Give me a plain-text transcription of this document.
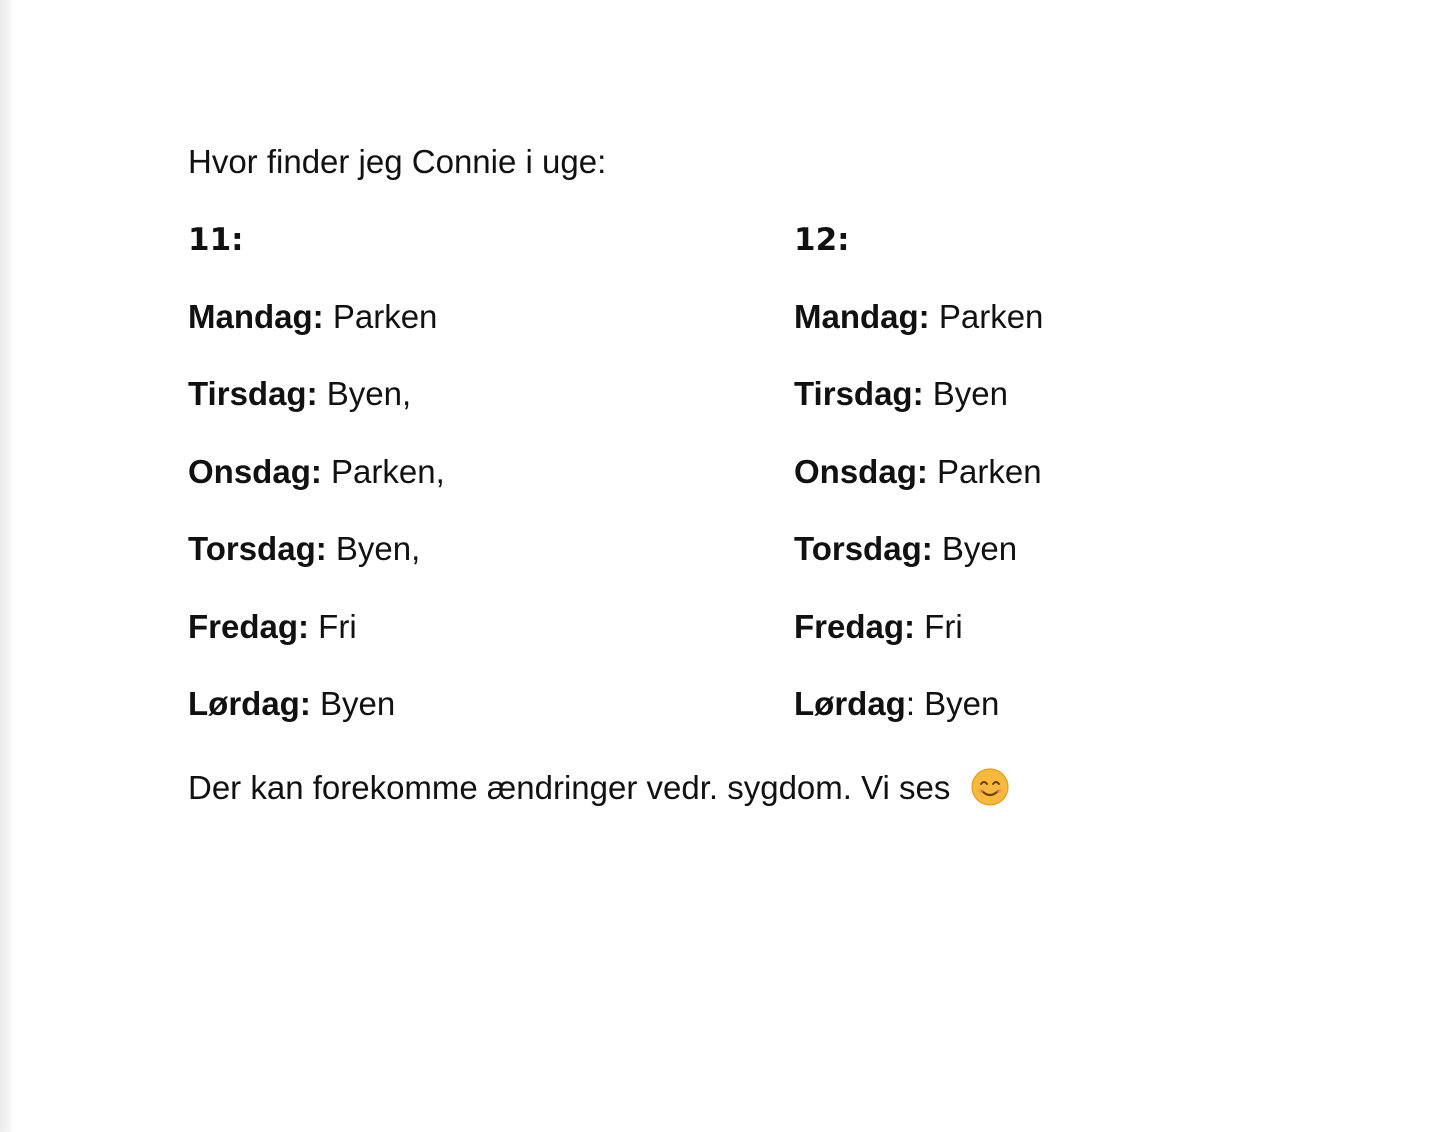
Hvor finder jeg Connie i uge:
11:
Mandag: Parken
Tirsdag: Byen,
Onsdag: Parken,
Torsdag: Byen,
Fredag: Fri
Lørdag: Byen
12:
Mandag: Parken
Tirsdag: Byen
Onsdag: Parken
Torsdag: Byen
Fredag: Fri
Lørdag: Byen
Der kan forekomme ændringer vedr. sygdom. Vi ses
